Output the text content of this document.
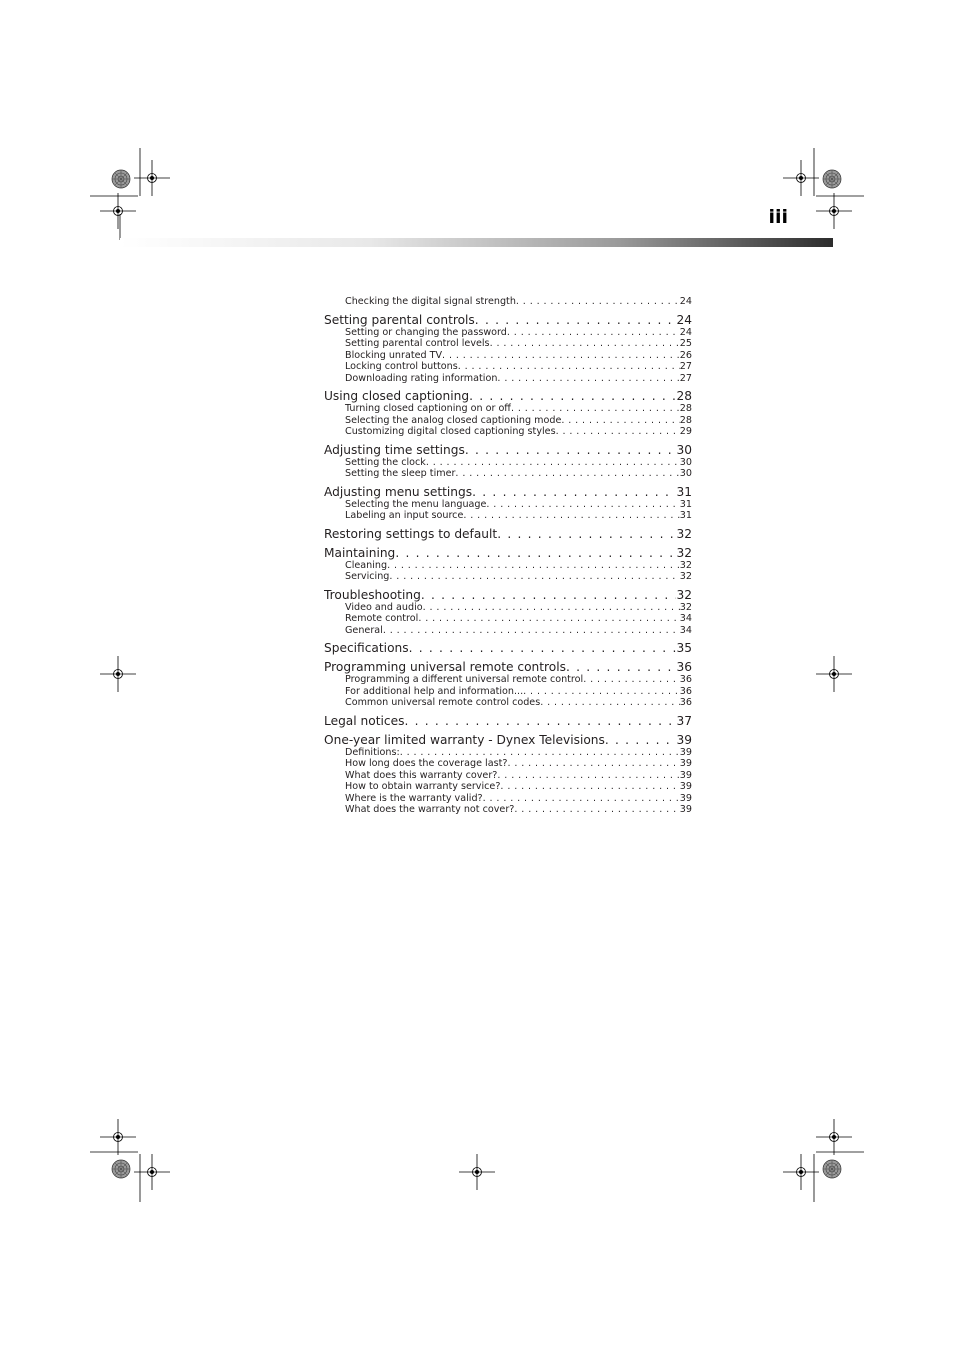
iii
Checking the digital signal strength . . .	24
Setting parental controls . . .	24
Setting or changing the password . . .	24
Setting parental control levels . . .	25
Blocking unrated TV . . .	26
Locking control buttons . . .	27
Downloading rating information . . .	27
Using closed captioning . . .	28
Turning closed captioning on or off . . .	28
Selecting the analog closed captioning mode . . .	28
Customizing digital closed captioning styles . . .	29
Adjusting time settings . . .	30
Setting the clock . . .	30
Setting the sleep timer . . .	30
Adjusting menu settings . . .	31
Selecting the menu language . . .	31
Labeling an input source . . .	31
Restoring settings to default . . .	32
Maintaining . . .	32
Cleaning . . .	32
Servicing . . .	32
Troubleshooting . . .	32
Video and audio . . .	32
Remote control . . .	34
General . . .	34
Specifications . . .	35
Programming universal remote controls . . .	36
Programming a different universal remote control . . .	36
For additional help and information... . . .	36
Common universal remote control codes . . .	36
Legal notices . . .	37
One-year limited warranty - Dynex Televisions . . .	39
Definitions: . . .	39
How long does the coverage last? . . .	39
What does this warranty cover? . . .	39
How to obtain warranty service? . . .	39
Where is the warranty valid? . . .	39
What does the warranty not cover? . . .	39
